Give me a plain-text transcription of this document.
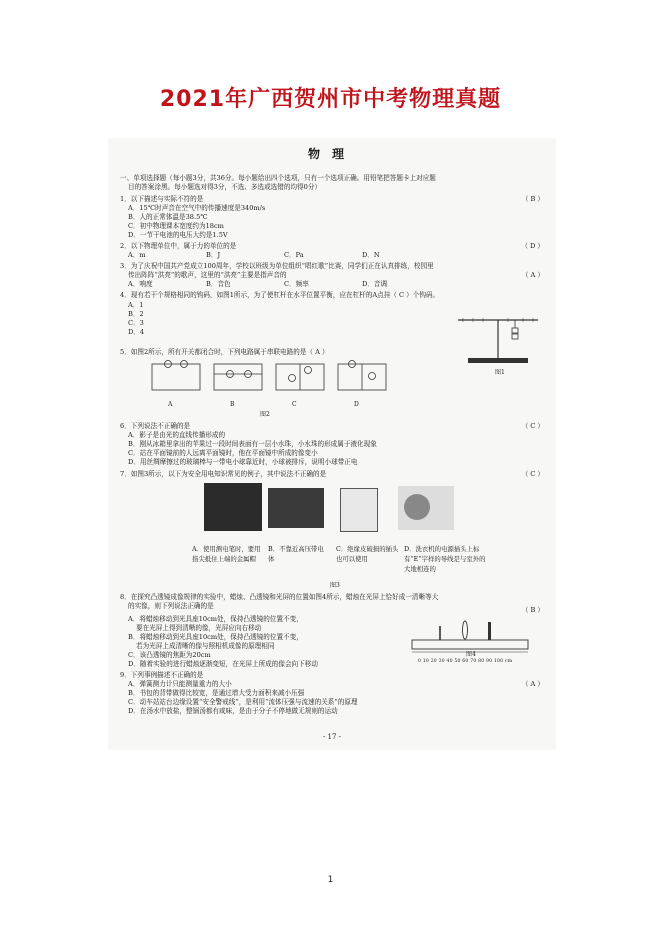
2021年广西贺州市中考物理真题
物理
一、单项选择题（每小题3分，共36分。每小题给出四个选项，只有一个选项正确。用铅笔把答题卡上对应题
目的答案涂黑。每小题选对得3分，不选、多选或选错的均得0分）
1．以下描述与实际不符的是	（ B ）
A．15℃时声音在空气中的传播速度是340m/s
B．人的正常体温是38.5℃
C．初中物理课本宽度约为18cm
D．一节干电池的电压大约是1.5V
2．以下物理单位中，属于力的单位的是	（ D ）
A．m	B．J	C．Pa	D．N
3．为了庆祝中国共产党成立100周年，学校以班级为单位组织“唱红歌”比赛，同学们正在认真排练，校园里
传出阵阵“洪亮”的歌声，这里的“洪亮”主要是指声音的	（ A ）
A．响度	B．音色	C．频率	D．音调
4．现有若干个规格相同的钩码，如图1所示，为了使杠杆在水平位置平衡，应在杠杆的A点挂（ C ）个钩码。
A．1
B．2
C．3
D．4
图1
5．如图2所示，所有开关都闭合时，下列电路属于串联电路的是（ A ）
A	B	C	D
图2
6．下列说法不正确的是	（ C ）
A．影子是由光的直线传播形成的
B．刚从冰箱里拿出的苹果过一段时间表面有一层小水珠，小水珠的形成属于液化现象
C．站在平面镜前的人远离平面镜时，他在平面镜中所成的像变小
D．用丝绸摩擦过的玻璃棒与一带电小球靠近时，小球被排斥，说明小球带正电
7．如图3所示，以下为安全用电知识常见的例子，其中说法不正确的是	（ C ）
A．使用测电笔时，要用指尖抵住上端的金属帽
B．不靠近高压带电体
C．绝缘皮破损的插头也可以使用
D．洗衣机的电源插头上标有“E”字样的导线是与室外的大地相连的
图3
8．在探究凸透镜成像规律的实验中，蜡烛、凸透镜和光屏的位置如图4所示，蜡烛在光屏上恰好成一清晰等大
的实像，则下列说法正确的是	（ B ）
A．将蜡烛移动到光具座10cm处，保持凸透镜的位置不变，
要在光屏上得到清晰的像，光屏应向右移动
B．将蜡烛移动到光具座10cm处，保持凸透镜的位置不变，
若为光屏上成清晰的像与照相机成像的原理相同
C．该凸透镜的焦距为20cm
D．随着实验的进行蜡烛逐渐变短，在光屏上所成的像会向下移动	0 10 20 30 40 50 60 70 80 90 100 cm
图4
9．下列事例描述不正确的是
（ A ）
A．弹簧测力计只能测量重力的大小
B．书包的背带做得比较宽，是通过增大受力面积来减小压强
C．动车站站台边缘设置“安全警戒线”，是利用“流体压强与流速的关系”的原理
D．在汤水中放盐，整锅汤都有咸味，是由于分子不停地做无规则的运动
- 17 -
1
